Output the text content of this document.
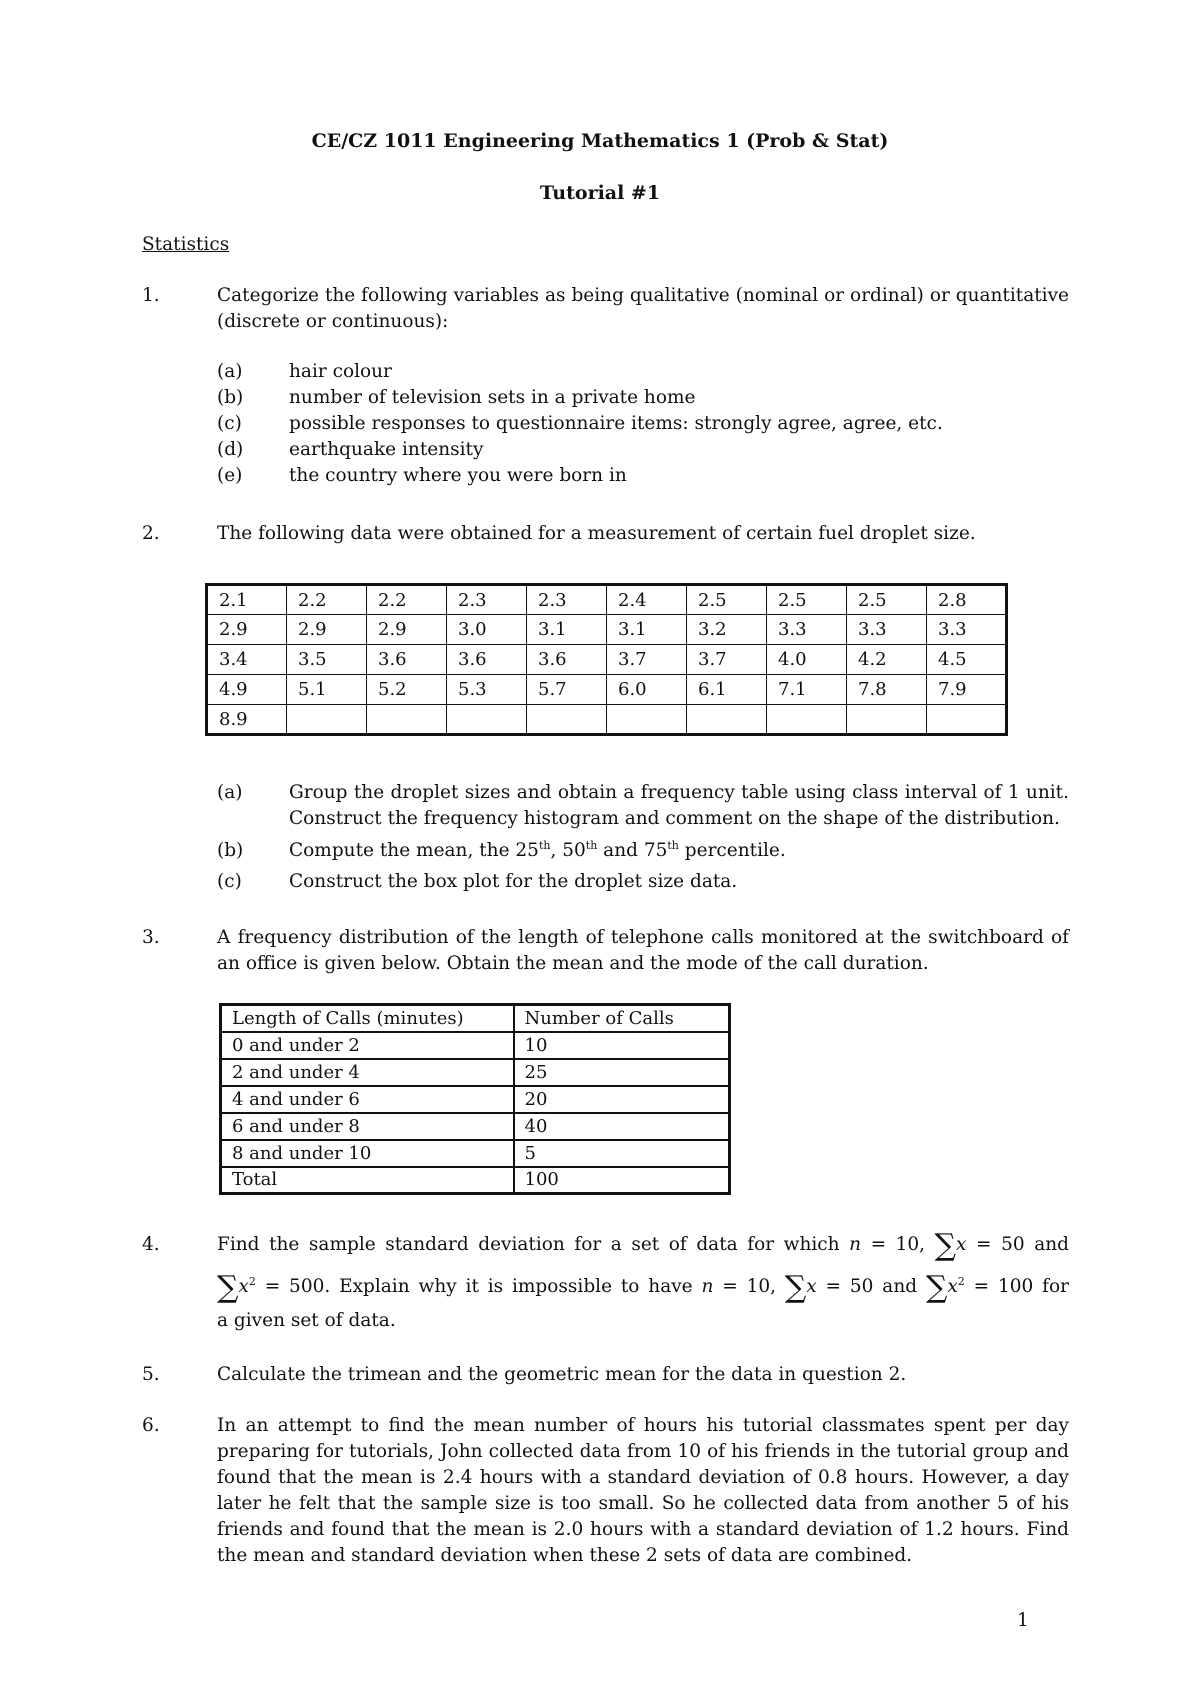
CE/CZ 1011 Engineering Mathematics 1 (Prob & Stat)
Tutorial #1
Statistics
1.	Categorize the following variables as being qualitative (nominal or ordinal) or quantitative (discrete or continuous):
(a)	hair colour
(b) number of television sets in a private home
(c)	possible responses to questionnaire items: strongly agree, agree, etc.
(d) earthquake intensity
(e)	the country where you were born in
2.	The following data were obtained for a measurement of certain fuel droplet size.
2.1	2.2	2.2	2.3	2.3	2.4	2.5	2.5	2.5	2.8
2.9	2.9	2.9	3.0	3.1	3.1	3.2	3.3	3.3	3.3
3.4	3.5	3.6	3.6	3.6	3.7	3.7	4.0	4.2	4.5
4.9	5.1	5.2	5.3	5.7	6.0	6.1	7.1	7.8	7.9
8.9									
(a)	Group the droplet sizes and obtain a frequency table using class interval of 1 unit. Construct the frequency histogram and comment on the shape of the distribution.
(b) Compute the mean, the 25th, 50th and 75th percentile.
(c)	Construct the box plot for the droplet size data.
3.	A frequency distribution of the length of telephone calls monitored at the switchboard of an office is given below. Obtain the mean and the mode of the call duration.
Length of Calls (minutes)	Number of Calls
0 and under 2	10
2 and under 4	25
4 and under 6	20
6 and under 8	40
8 and under 10	5
Total	100
4.	Find the sample standard deviation for a set of data for which n = 10, ∑x = 50 and
$\sum x^2 = 500$. Explain why it is impossible to have n = 10, ∑x = 50 and $\sum x^2 = 100$ for
a given set of data.
5.	Calculate the trimean and the geometric mean for the data in question 2.
6.	In an attempt to find the mean number of hours his tutorial classmates spent per day preparing for tutorials, John collected data from 10 of his friends in the tutorial group and found that the mean is 2.4 hours with a standard deviation of 0.8 hours. However, a day later he felt that the sample size is too small. So he collected data from another 5 of his friends and found that the mean is 2.0 hours with a standard deviation of 1.2 hours. Find the mean and standard deviation when these 2 sets of data are combined.
1
